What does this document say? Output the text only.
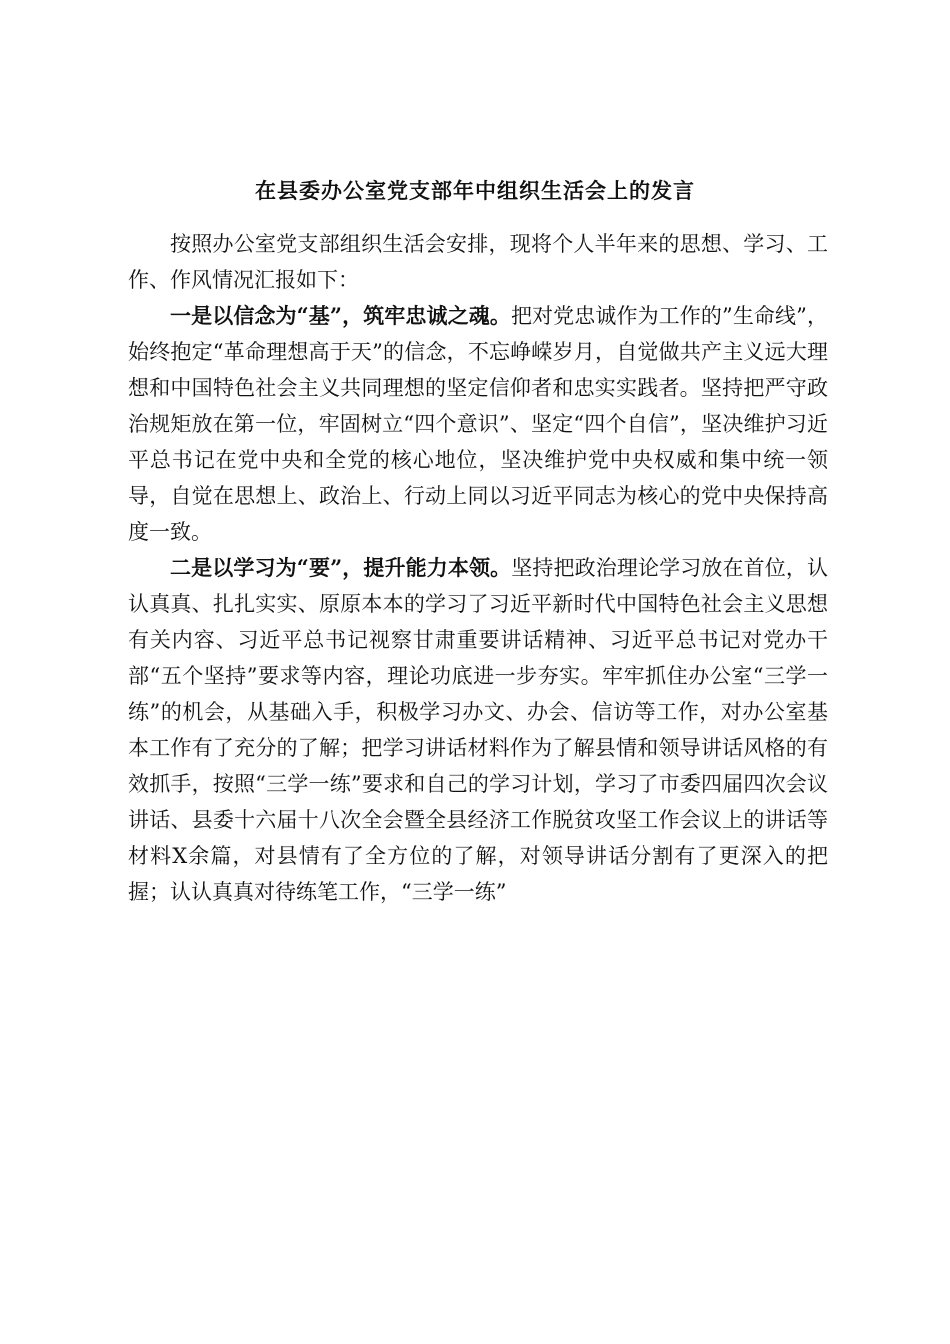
在县委办公室党支部年中组织生活会上的发言

按照办公室党支部组织生活会安排，现将个人半年来的思想、学习、工作、作风情况汇报如下：

一是以信念为“基”，筑牢忠诚之魂。把对党忠诚作为工作的”生命线”，始终抱定“革命理想高于天”的信念，不忘峥嵘岁月，自觉做共产主义远大理想和中国特色社会主义共同理想的坚定信仰者和忠实实践者。坚持把严守政治规矩放在第一位，牢固树立“四个意识”、坚定“四个自信”，坚决维护习近平总书记在党中央和全党的核心地位，坚决维护党中央权威和集中统一领导，自觉在思想上、政治上、行动上同以习近平同志为核心的党中央保持高度一致。

二是以学习为“要”，提升能力本领。坚持把政治理论学习放在首位，认认真真、扎扎实实、原原本本的学习了习近平新时代中国特色社会主义思想有关内容、习近平总书记视察甘肃重要讲话精神、习近平总书记对党办干部“五个坚持”要求等内容，理论功底进一步夯实。牢牢抓住办公室“三学一练”的机会，从基础入手，积极学习办文、办会、信访等工作，对办公室基本工作有了充分的了解；把学习讲话材料作为了解县情和领导讲话风格的有效抓手，按照“三学一练”要求和自己的学习计划，学习了市委四届四次会议讲话、县委十六届十八次全会暨全县经济工作脱贫攻坚工作会议上的讲话等材料X余篇，对县情有了全方位的了解，对领导讲话分割有了更深入的把握；认认真真对待练笔工作，“三学一练”
